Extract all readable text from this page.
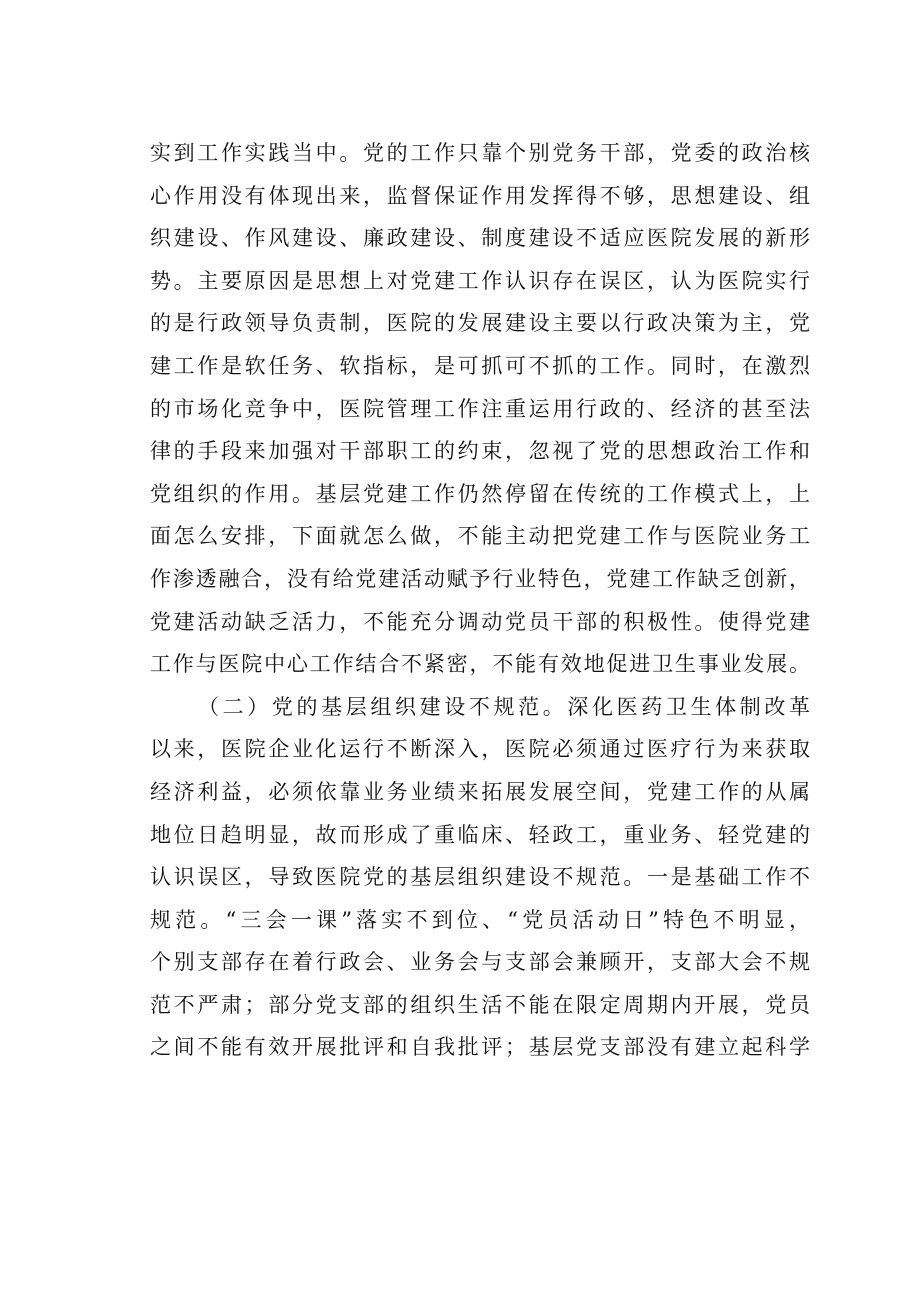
实到工作实践当中。党的工作只靠个别党务干部，党委的政治核
心作用没有体现出来，监督保证作用发挥得不够，思想建设、组
织建设、作风建设、廉政建设、制度建设不适应医院发展的新形
势。主要原因是思想上对党建工作认识存在误区，认为医院实行
的是行政领导负责制，医院的发展建设主要以行政决策为主，党
建工作是软任务、软指标，是可抓可不抓的工作。同时，在激烈
的市场化竞争中，医院管理工作注重运用行政的、经济的甚至法
律的手段来加强对干部职工的约束，忽视了党的思想政治工作和
党组织的作用。基层党建工作仍然停留在传统的工作模式上，上
面怎么安排，下面就怎么做，不能主动把党建工作与医院业务工
作渗透融合，没有给党建活动赋予行业特色，党建工作缺乏创新，
党建活动缺乏活力，不能充分调动党员干部的积极性。使得党建
工作与医院中心工作结合不紧密，不能有效地促进卫生事业发展。
（二）党的基层组织建设不规范。深化医药卫生体制改革
以来，医院企业化运行不断深入，医院必须通过医疗行为来获取
经济利益，必须依靠业务业绩来拓展发展空间，党建工作的从属
地位日趋明显，故而形成了重临床、轻政工，重业务、轻党建的
认识误区，导致医院党的基层组织建设不规范。一是基础工作不
规范。“三会一课”落实不到位、“党员活动日”特色不明显，
个别支部存在着行政会、业务会与支部会兼顾开，支部大会不规
范不严肃；部分党支部的组织生活不能在限定周期内开展，党员
之间不能有效开展批评和自我批评；基层党支部没有建立起科学
